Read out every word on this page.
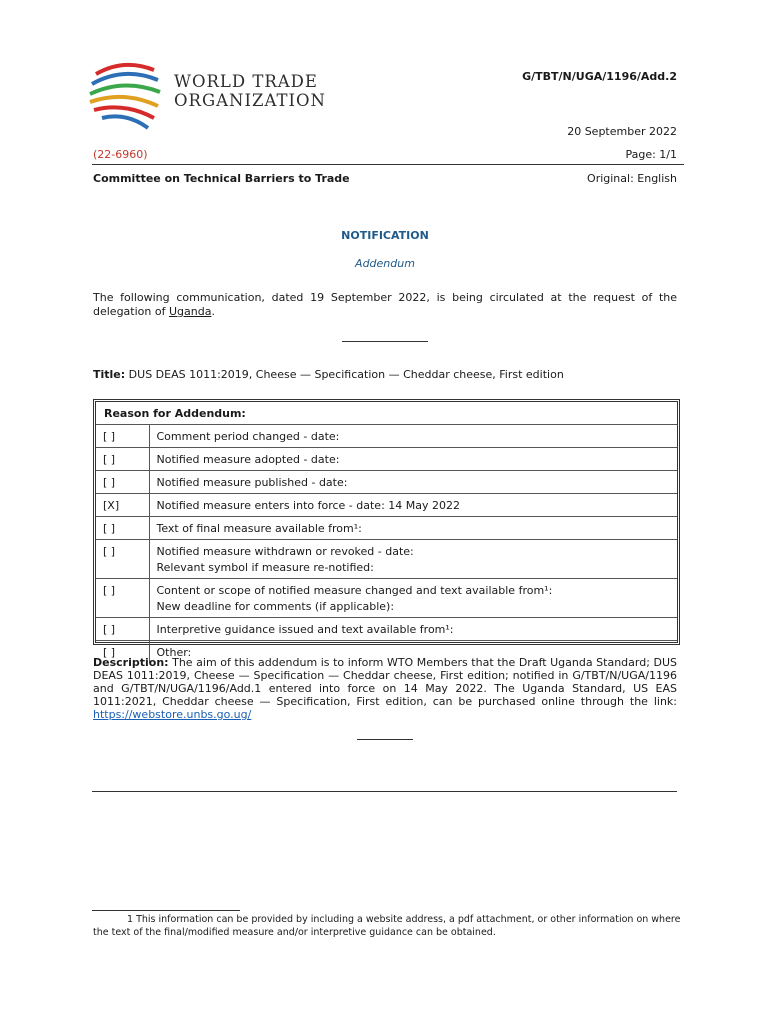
WORLD TRADE
ORGANIZATION
G/TBT/N/UGA/1196/Add.2
20 September 2022
(22-6960)	Page: 1/1
Committee on Technical Barriers to Trade	Original: English
NOTIFICATION
Addendum
The following communication, dated 19 September 2022, is being circulated at the request of the delegation of Uganda.
Title: DUS DEAS 1011:2019, Cheese — Specification — Cheddar cheese, First edition
Reason for Addendum:
[ ]	Comment period changed - date:

[ ]	Notified measure adopted - date:

[ ]	Notified measure published - date:

[X]	Notified measure enters into force - date: 14 May 2022

[ ]	Text of final measure available from¹:

[ ]	Notified measure withdrawn or revoked - date:
Relevant symbol if measure re-notified:

[ ]	Content or scope of notified measure changed and text available from¹:
New deadline for comments (if applicable):

[ ]	Interpretive guidance issued and text available from¹:

[ ]	Other:
Description: The aim of this addendum is to inform WTO Members that the Draft Uganda Standard; DUS DEAS 1011:2019, Cheese — Specification — Cheddar cheese, First edition; notified in G/TBT/N/UGA/1196 and G/TBT/N/UGA/1196/Add.1 entered into force on 14 May 2022. The Uganda Standard, US EAS 1011:2021, Cheddar cheese — Specification, First edition, can be purchased online through the link: https://webstore.unbs.go.ug/
1 This information can be provided by including a website address, a pdf attachment, or other information on where the text of the final/modified measure and/or interpretive guidance can be obtained.
